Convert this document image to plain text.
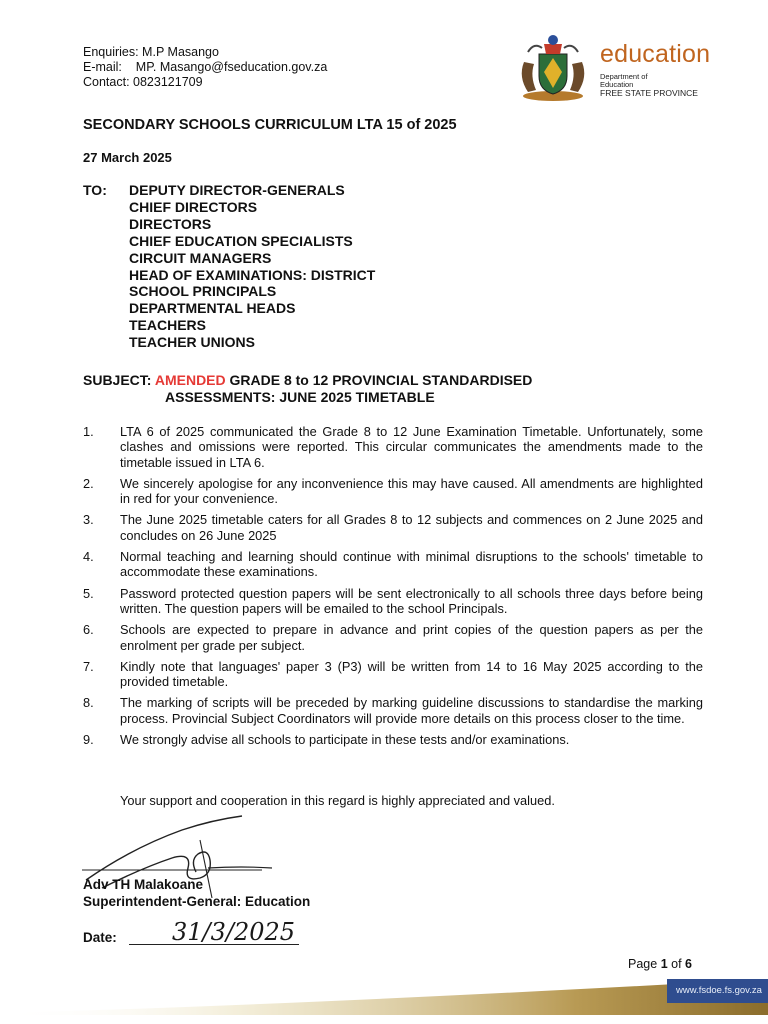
Enquiries: M.P Masango
E-mail:    MP. Masango@fseducation.gov.za
Contact: 0823121709
education
Department of
Education
FREE STATE PROVINCE
SECONDARY SCHOOLS CURRICULUM LTA 15 of 2025
27 March 2025
TO: DEPUTY DIRECTOR-GENERALS
CHIEF DIRECTORS
DIRECTORS
CHIEF EDUCATION SPECIALISTS
CIRCUIT MANAGERS
HEAD OF EXAMINATIONS: DISTRICT
SCHOOL PRINCIPALS
DEPARTMENTAL HEADS
TEACHERS
TEACHER UNIONS
SUBJECT: AMENDED GRADE 8 to 12 PROVINCIAL STANDARDISED
ASSESSMENTS: JUNE 2025 TIMETABLE
1.	LTA 6 of 2025 communicated the Grade 8 to 12 June Examination Timetable. Unfortunately, some clashes and omissions were reported. This circular communicates the amendments made to the timetable issued in LTA 6.
2.	We sincerely apologise for any inconvenience this may have caused. All amendments are highlighted in red for your convenience.
3.	The June 2025 timetable caters for all Grades 8 to 12 subjects and commences on 2 June 2025 and concludes on 26 June 2025
4.	Normal teaching and learning should continue with minimal disruptions to the schools' timetable to accommodate these examinations.
5.	Password protected question papers will be sent electronically to all schools three days before being written. The question papers will be emailed to the school Principals.
6.	Schools are expected to prepare in advance and print copies of the question papers as per the enrolment per grade per subject.
7.	Kindly note that languages' paper 3 (P3) will be written from 14 to 16 May 2025 according to the provided timetable.
8.	The marking of scripts will be preceded by marking guideline discussions to standardise the marking process. Provincial Subject Coordinators will provide more details on this process closer to the time.
9.	We strongly advise all schools to participate in these tests and/or examinations.
Your support and cooperation in this regard is highly appreciated and valued.
Adv TH Malakoane
Superintendent-General: Education
Date: 31/3/2025
Page 1 of 6
www.fsdoe.fs.gov.za
